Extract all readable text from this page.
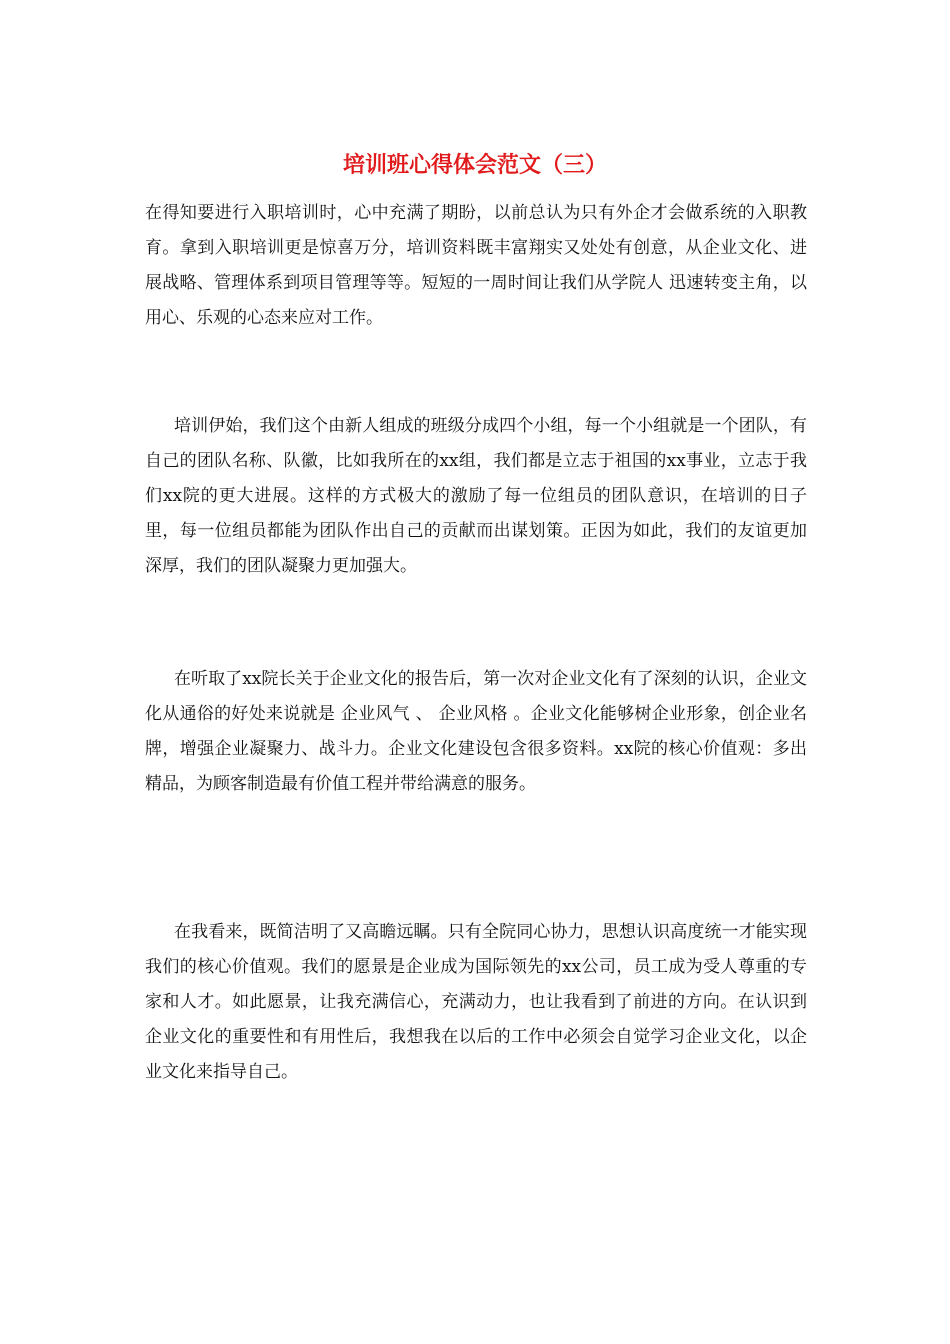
培训班心得体会范文（三）

在得知要进行入职培训时，心中充满了期盼，以前总认为只有外企才会做系统的入职教育。拿到入职培训更是惊喜万分，培训资料既丰富翔实又处处有创意，从企业文化、进展战略、管理体系到项目管理等等。短短的一周时间让我们从学院人 迅速转变主角，以用心、乐观的心态来应对工作。

培训伊始，我们这个由新人组成的班级分成四个小组，每一个小组就是一个团队，有自己的团队名称、队徽，比如我所在的xx组，我们都是立志于祖国的xx事业，立志于我们xx院的更大进展。这样的方式极大的激励了每一位组员的团队意识，在培训的日子里，每一位组员都能为团队作出自己的贡献而出谋划策。正因为如此，我们的友谊更加深厚，我们的团队凝聚力更加强大。

在听取了xx院长关于企业文化的报告后，第一次对企业文化有了深刻的认识，企业文化从通俗的好处来说就是 企业风气 、 企业风格 。企业文化能够树企业形象，创企业名牌，增强企业凝聚力、战斗力。企业文化建设包含很多资料。xx院的核心价值观：多出精品，为顾客制造最有价值工程并带给满意的服务。

在我看来，既简洁明了又高瞻远瞩。只有全院同心协力，思想认识高度统一才能实现我们的核心价值观。我们的愿景是企业成为国际领先的xx公司，员工成为受人尊重的专家和人才。如此愿景，让我充满信心，充满动力，也让我看到了前进的方向。在认识到企业文化的重要性和有用性后，我想我在以后的工作中必须会自觉学习企业文化，以企业文化来指导自己。
